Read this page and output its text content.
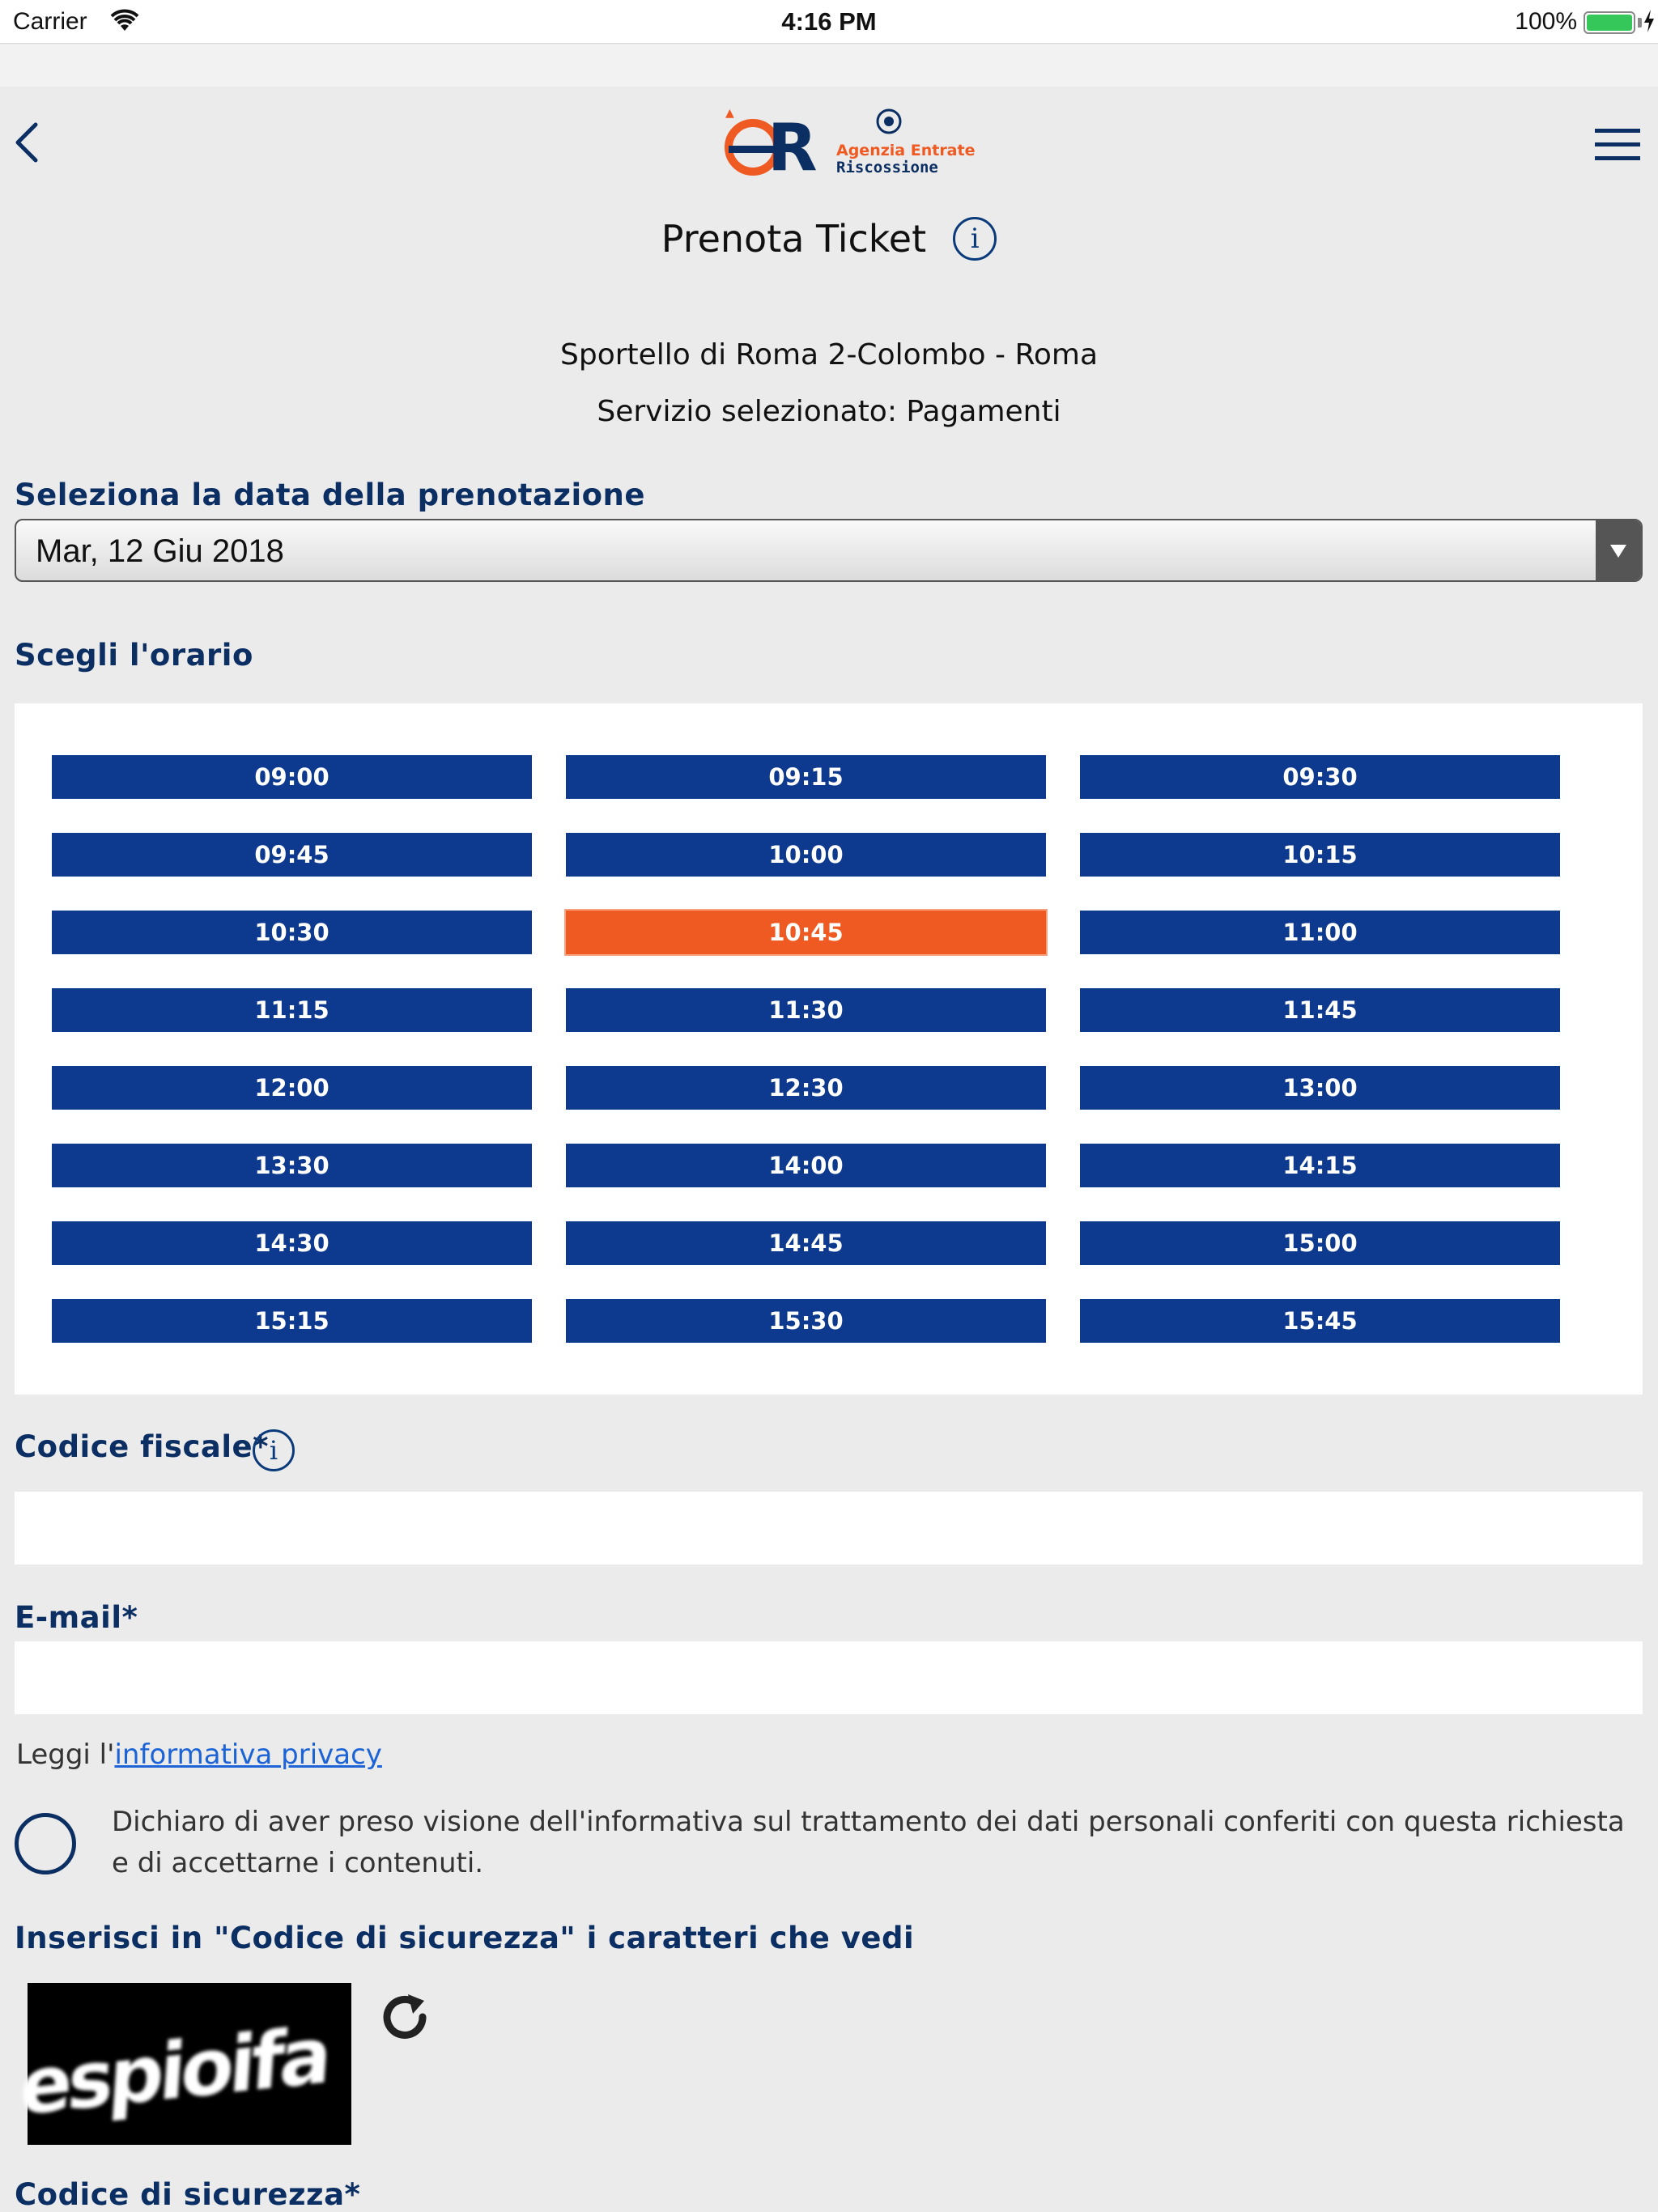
Carrier	4:16 PM	100%
R
▲
Agenzia Entrate
Riscossione
Prenota Ticket i
Sportello di Roma 2-Colombo - Roma
Servizio selezionato: Pagamenti
Seleziona la data della prenotazione
Mar, 12 Giu 2018
Scegli l'orario
09:00	09:15	09:30
09:45	10:00	10:15
10:30	10:45	11:00
11:15	11:30	11:45
12:00	12:30	13:00
13:30	14:00	14:15
14:30	14:45	15:00
15:15	15:30	15:45
Codice fiscale* i
E-mail*
Leggi l'informativa privacy
Dichiaro di aver preso visione dell'informativa sul trattamento dei dati personali conferiti con questa richiesta e di accettarne i contenuti.
Inserisci in "Codice di sicurezza" i caratteri che vedi
espioifa
Codice di sicurezza*
